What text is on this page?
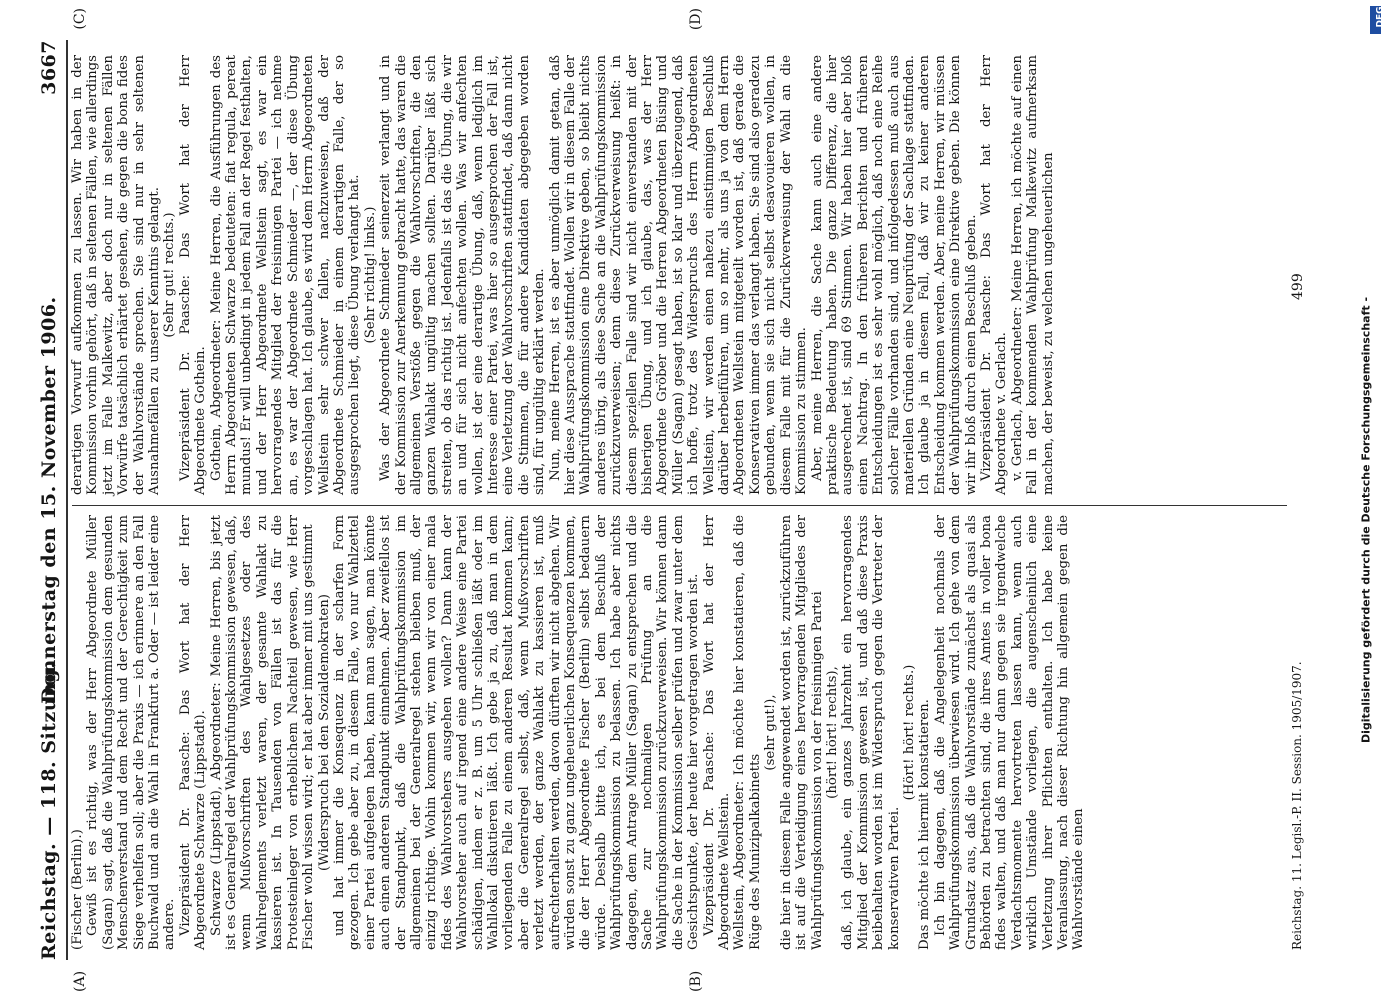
Reichstag. — 118. Sitzung.
Donnerstag den 15. November 1906.
3667
(A)	(B)
(C)	(D)

(Fischer (Berlin).) Gewiß ist es richtig, was der Herr Abgeordnete Müller (Sagan) sagt, daß die Wahlprüfungskommission dem gesunden Menschenverstand und dem Recht und der Gerechtigkeit zum Siege verhelfen soll; aber die Praxis — ich erinnere an den Fall Buchwald und an die Wahl in Frankfurt a. Oder — ist leider eine andere. Vizepräsident Dr. Paasche: Das Wort hat der Herr Abgeordnete Schwarze (Lippstadt). Schwarze (Lippstadt), Abgeordneter: Meine Herren, bis jetzt ist es Generalregel der Wahlprüfungskommission gewesen, daß, wenn Mußvorschriften des Wahlgesetzes oder des Wahlreglements verletzt waren, der gesamte Wahlakt zu kassieren ist. In Tausenden von Fällen ist das für die Protesteinleger von erheblichem Nachteil gewesen, wie Herr Fischer wohl wissen wird; er hat aber immer mit uns gestimmt (Widerspruch bei den Sozialdemokraten) und hat immer die Konsequenz in der scharfen Form gezogen. Ich gebe aber zu, in diesem Falle, wo nur Wahlzettel einer Partei aufgelegen haben, kann man sagen, man könnte auch einen anderen Standpunkt einnehmen. Aber zweifellos ist der Standpunkt, daß die Wahlprüfungskommission im allgemeinen bei der Generalregel stehen bleiben muß, der einzig richtige. Wohin kommen wir, wenn wir von einer mala fides des Wahlvorstehers ausgehen wollen? Dann kann der Wahlvorsteher auch auf irgend eine andere Weise eine Partei schädigen, indem er z. B. um 5 Uhr schließen läßt oder im Wahllokal diskutieren läßt. Ich gebe ja zu, daß man in dem vorliegenden Falle zu einem anderen Resultat kommen kann; aber die Generalregel selbst, daß, wenn Mußvorschriften verletzt werden, der ganze Wahlakt zu kassieren ist, muß aufrechterhalten werden, davon dürften wir nicht abgehen. Wir würden sonst zu ganz ungeheuerlichen Konsequenzen kommen, die der Herr Abgeordnete Fischer (Berlin) selbst bedauern würde. Deshalb bitte ich, es bei dem Beschluß der Wahlprüfungskommission zu belassen. Ich habe aber nichts dagegen, dem Antrage Müller (Sagan) zu entsprechen und die Sache zur nochmaligen Prüfung an die Wahlprüfungskommission zurückzuverweisen. Wir können dann die Sache in der Kommission selber prüfen und zwar unter dem Gesichtspunkte, der heute hier vorgetragen worden ist. Vizepräsident Dr. Paasche: Das Wort hat der Herr Abgeordnete Wellstein. Wellstein, Abgeordneter: Ich möchte hier konstatieren, daß die Rüge des Munizipalkabinetts

(sehr gut!), die hier in diesem Falle angewendet worden ist, zurückzuführen ist auf die Verteidigung eines hervorragenden Mitgliedes der Wahlprüfungskommission von der freisinnigen Partei (hört! hört! rechts), daß, ich glaube, ein ganzes Jahrzehnt ein hervorragendes Mitglied der Kommission gewesen ist, und daß diese Praxis beibehalten worden ist im Widerspruch gegen die Vertreter der konservativen Partei.

(Hört! hört! rechts.) Das möchte ich hiermit konstatieren. Ich bin dagegen, daß die Angelegenheit nochmals der Wahlprüfungskommission überwiesen wird. Ich gehe von dem Grundsatz aus, daß die Wahlvorstände zunächst als quasi als Behörden zu betrachten sind, die ihres Amtes in voller bona fides walten, und daß man nur dann gegen sie irgendwelche Verdachtsmomente hervortreten lassen kann, wenn auch wirklich Umstände vorliegen, die augenscheinlich eine Verletzung ihrer Pflichten enthalten. Ich habe keine Veranlassung, nach dieser Richtung hin allgemein gegen die Wahlvorstände einen

derartigen Vorwurf aufkommen zu lassen. Wir haben in der Kommission vorhin gehört, daß in seltenen Fällen, wie allerdings jetzt im Falle Malkewitz, aber doch nur in seltenen Fällen Vorwürfe tatsächlich erhärtet gesehen, die gegen die bona fides der Wahlvorstände sprechen. Sie sind nur in sehr seltenen Ausnahmefällen zu unserer Kenntnis gelangt. (Sehr gut! rechts.) Vizepräsident Dr. Paasche: Das Wort hat der Herr Abgeordnete Gothein. Gothein, Abgeordneter: Meine Herren, die Ausführungen des Herrn Abgeordneten Schwarze bedeuteten: fiat regula, pereat mundus! Er will unbedingt in jedem Fall an der Regel festhalten, und der Herr Abgeordnete Wellstein sagt, es war ein hervorragendes Mitglied der freisinnigen Partei — ich nehme an, es war der Abgeordnete Schmieder —, der diese Übung vorgeschlagen hat. Ich glaube, es wird dem Herrn Abgeordneten Wellstein sehr schwer fallen, nachzuweisen, daß der Abgeordnete Schmieder in einem derartigen Falle, der so ausgesprochen liegt, diese Übung verlangt hat. (Sehr richtig! links.) Was der Abgeordnete Schmieder seinerzeit verlangt und in der Kommission zur Anerkennung gebracht hatte, das waren die allgemeinen Verstöße gegen die Wahlvorschriften, die den ganzen Wahlakt ungültig machen sollten. Darüber läßt sich streiten, ob das richtig ist. Jedenfalls ist das die Übung, die wir an und für sich nicht anfechten wollen. Was wir anfechten wollen, ist der eine derartige Übung, daß, wenn lediglich im Interesse einer Partei, was hier so ausgesprochen der Fall ist, eine Verletzung der Wahlvorschriften stattfindet, daß dann nicht die Stimmen, die für andere Kandidaten abgegeben worden sind, für ungültig erklärt werden. Nun, meine Herren, ist es aber unmöglich damit getan, daß hier diese Aussprache stattfindet. Wollen wir in diesem Falle der Wahlprüfungskommission eine Direktive geben, so bleibt nichts anderes übrig, als diese Sache an die Wahlprüfungskommission zurückzuverweisen; denn diese Zurückverweisung heißt: in diesem speziellen Falle sind wir nicht einverstanden mit der bisherigen Übung, und ich glaube, das, was der Herr Abgeordnete Gröber und die Herren Abgeordneten Büsing und Müller (Sagan) gesagt haben, ist so klar und überzeugend, daß ich hoffe, trotz des Widerspruchs des Herrn Abgeordneten Wellstein, wir werden einen nahezu einstimmigen Beschluß darüber herbeiführen, um so mehr, als uns ja von dem Herrn Abgeordneten Wellstein mitgeteilt worden ist, daß gerade die Konservativen immer das verlangt haben. Sie sind also geradezu gebunden, wenn sie sich nicht selbst desavouieren wollen, in diesem Falle mit für die Zurückverweisung der Wahl an die Kommission zu stimmen. Aber, meine Herren, die Sache kann auch eine andere praktische Bedeutung haben. Die ganze Differenz, die hier ausgerechnet ist, sind 69 Stimmen. Wir haben hier aber bloß einen Nachtrag. In den früheren Berichten und früheren Entscheidungen ist es sehr wohl möglich, daß noch eine Reihe solcher Fälle vorhanden sind, und infolgedessen muß auch aus materiellen Gründen eine Neuprüfung der Sachlage stattfinden. Ich glaube ja in diesem Fall, daß wir zu keiner anderen Entscheidung kommen werden. Aber, meine Herren, wir müssen der Wahlprüfungskommission eine Direktive geben. Die können wir ihr bloß durch einen Beschluß geben. Vizepräsident Dr. Paasche: Das Wort hat der Herr Abgeordnete v. Gerlach. v. Gerlach, Abgeordneter: Meine Herren, ich möchte auf einen Fall in der kommenden Wahlprüfung Malkewitz aufmerksam machen, der beweist, zu welchen ungeheuerlichen

Reichstag. 11. Legisl.-P. II. Session. 1905/1907.
499
Digitalisierung gefördert durch die Deutsche Forschungsgemeinschaft -
DFG
